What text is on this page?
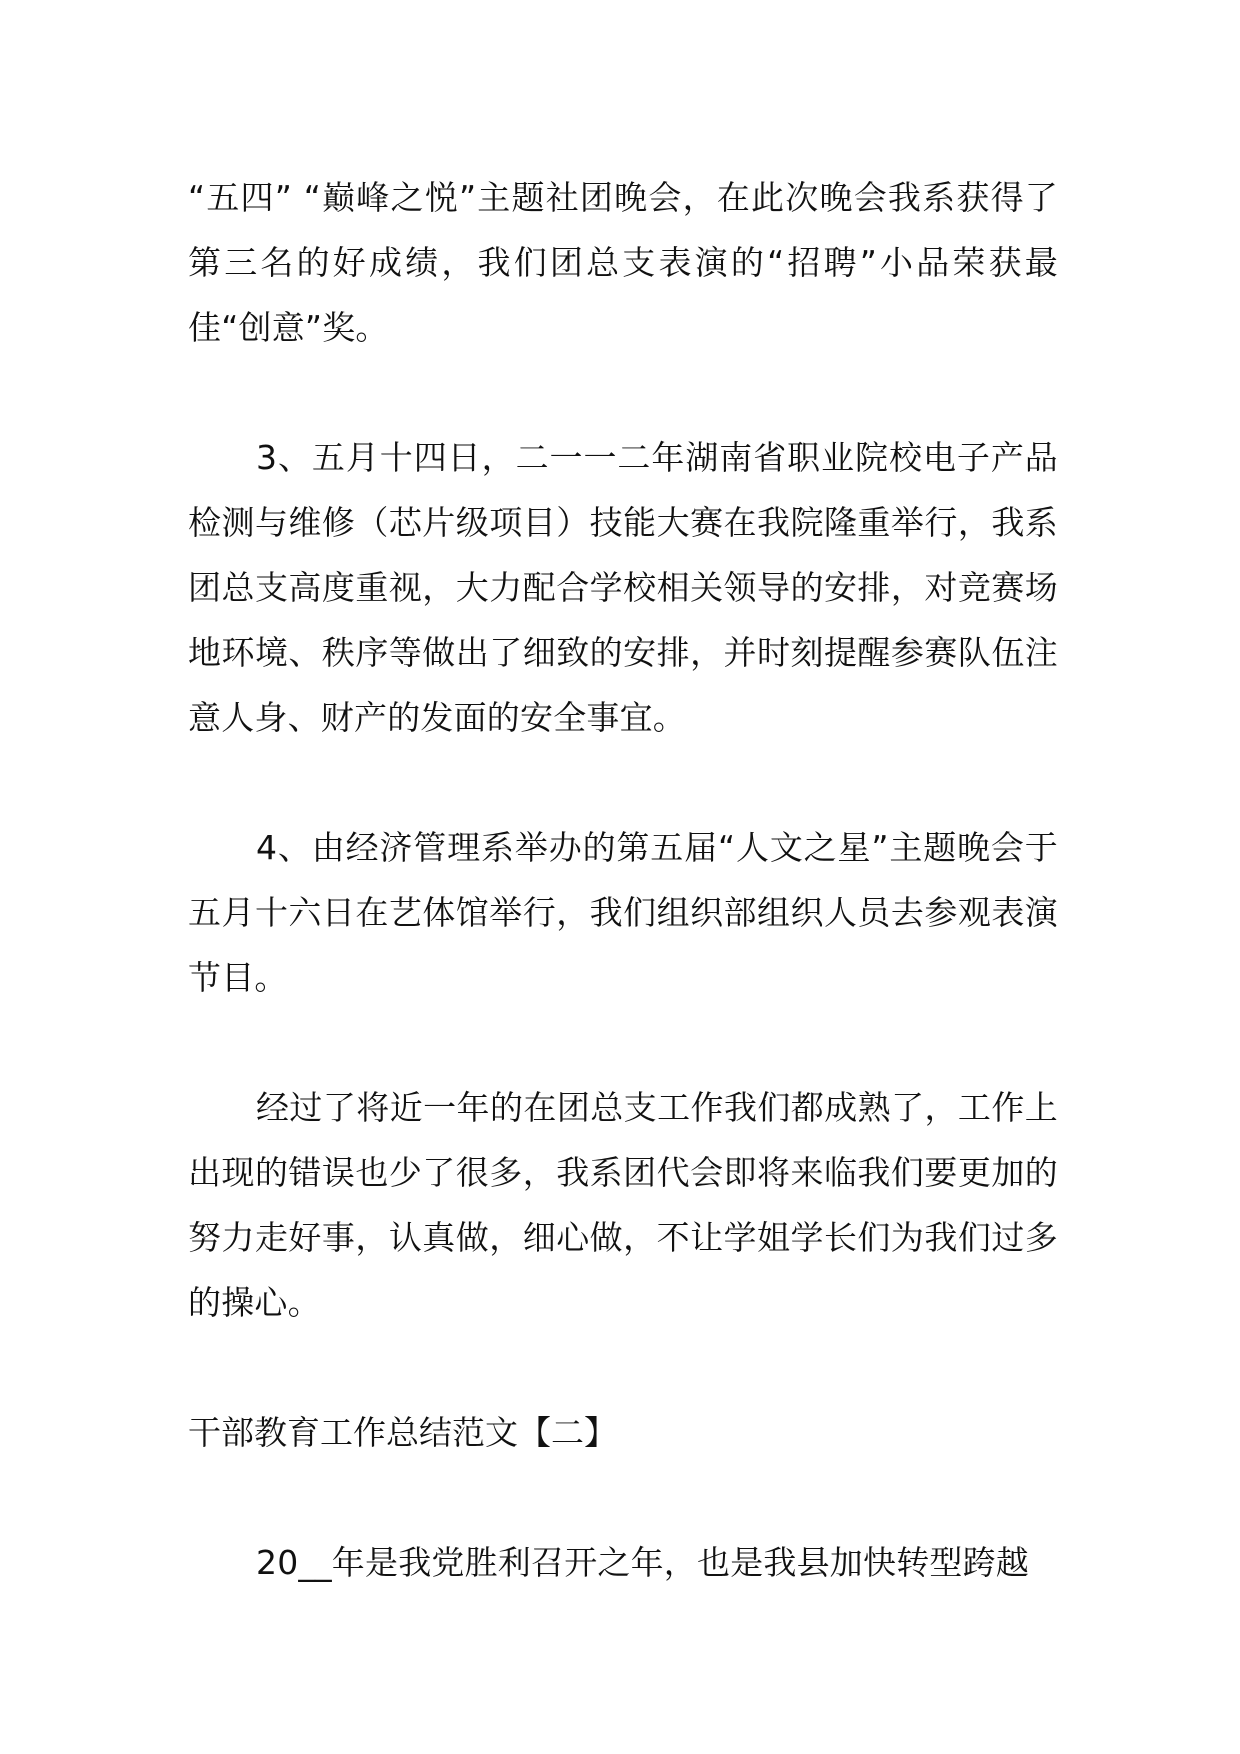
“五四” “巅峰之悦”主题社团晚会，在此次晚会我系获得了第三名的好成绩，我们团总支表演的“招聘”小品荣获最佳“创意”奖。

3、五月十四日，二一一二年湖南省职业院校电子产品检测与维修（芯片级项目）技能大赛在我院隆重举行，我系团总支高度重视，大力配合学校相关领导的安排，对竞赛场地环境、秩序等做出了细致的安排，并时刻提醒参赛队伍注意人身、财产的发面的安全事宜。

4、由经济管理系举办的第五届“人文之星”主题晚会于五月十六日在艺体馆举行，我们组织部组织人员去参观表演节目。

经过了将近一年的在团总支工作我们都成熟了，工作上出现的错误也少了很多，我系团代会即将来临我们要更加的努力走好事，认真做，细心做，不让学姐学长们为我们过多的操心。

干部教育工作总结范文【二】

20__年是我党胜利召开之年，也是我县加快转型跨越
